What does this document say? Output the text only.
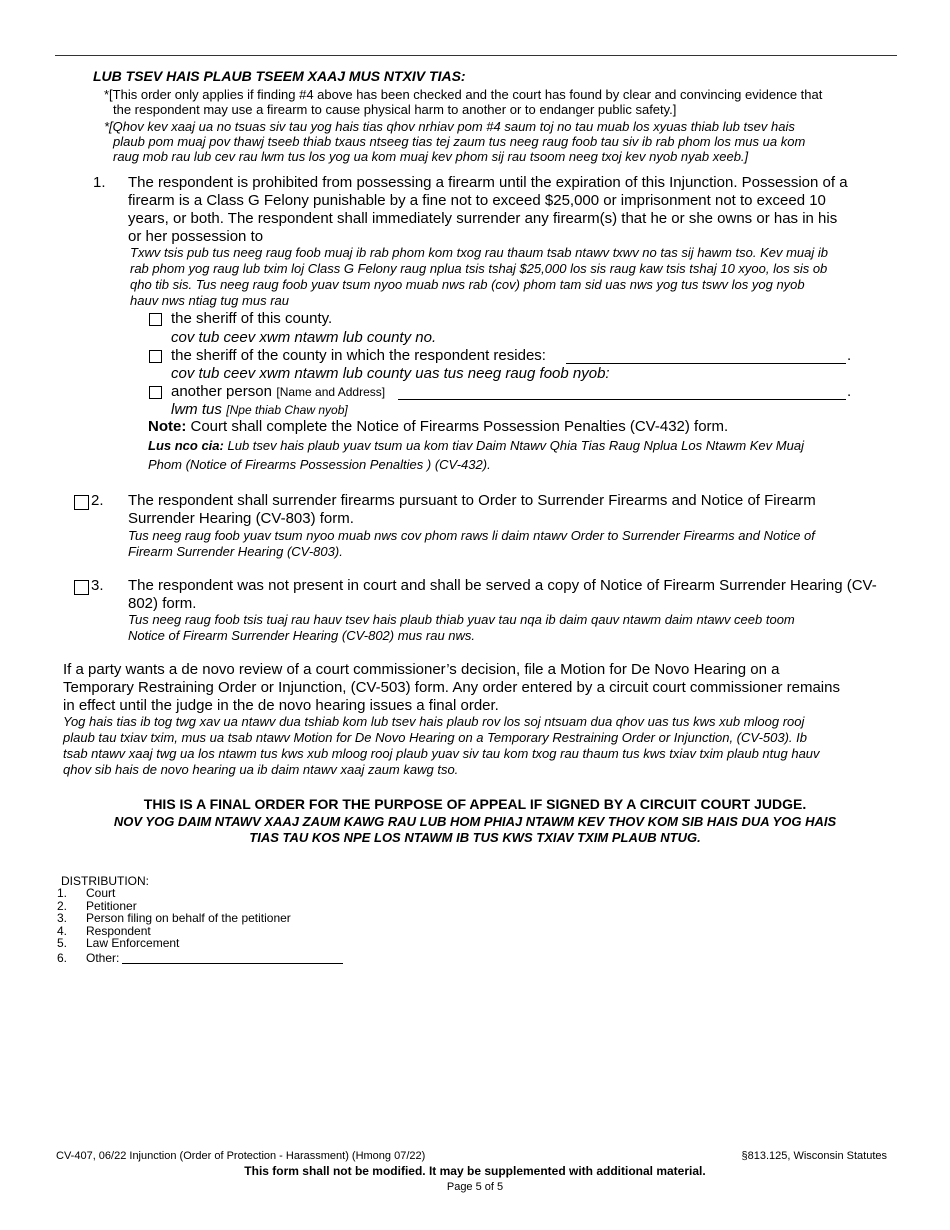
LUB TSEV HAIS PLAUB TSEEM XAAJ MUS NTXIV TIAS:
*[This order only applies if finding #4 above has been checked and the court has found by clear and convincing evidence that
the respondent may use a firearm to cause physical harm to another or to endanger public safety.]
*[Qhov kev xaaj ua no tsuas siv tau yog hais tias qhov nrhiav pom #4 saum toj no tau muab los xyuas thiab lub tsev hais
plaub pom muaj pov thawj tseeb thiab txaus ntseeg tias tej zaum tus neeg raug foob tau siv ib rab phom los mus ua kom
raug mob rau lub cev rau lwm tus los yog ua kom muaj kev phom sij rau tsoom neeg txoj kev nyob nyab xeeb.]
1. The respondent is prohibited from possessing a firearm until the expiration of this Injunction. Possession of a
firearm is a Class G Felony punishable by a fine not to exceed $25,000 or imprisonment not to exceed 10
years, or both. The respondent shall immediately surrender any firearm(s) that he or she owns or has in his
or her possession to
Txwv tsis pub tus neeg raug foob muaj ib rab phom kom txog rau thaum tsab ntawv txwv no tas sij hawm tso. Kev muaj ib
rab phom yog raug lub txim loj Class G Felony raug nplua tsis tshaj $25,000 los sis raug kaw tsis tshaj 10 xyoo, los sis ob
qho tib sis. Tus neeg raug foob yuav tsum nyoo muab nws rab (cov) phom tam sid uas nws yog tus tswv los yog nyob
hauv nws ntiag tug mus rau
the sheriff of this county.
cov tub ceev xwm ntawm lub county no.
the sheriff of the county in which the respondent resides:	.
cov tub ceev xwm ntawm lub county uas tus neeg raug foob nyob:
another person [Name and Address]	.
lwm tus [Npe thiab Chaw nyob]
Note: Court shall complete the Notice of Firearms Possession Penalties (CV-432) form.
Lus nco cia: Lub tsev hais plaub yuav tsum ua kom tiav Daim Ntawv Qhia Tias Raug Nplua Los Ntawm Kev Muaj
Phom (Notice of Firearms Possession Penalties ) (CV-432).
2. The respondent shall surrender firearms pursuant to Order to Surrender Firearms and Notice of Firearm
Surrender Hearing (CV-803) form.
Tus neeg raug foob yuav tsum nyoo muab nws cov phom raws li daim ntawv Order to Surrender Firearms and Notice of
Firearm Surrender Hearing (CV-803).
3. The respondent was not present in court and shall be served a copy of Notice of Firearm Surrender Hearing (CV-
802) form.
Tus neeg raug foob tsis tuaj rau hauv tsev hais plaub thiab yuav tau nqa ib daim qauv ntawm daim ntawv ceeb toom
Notice of Firearm Surrender Hearing (CV-802) mus rau nws.
If a party wants a de novo review of a court commissioner’s decision, file a Motion for De Novo Hearing on a
Temporary Restraining Order or Injunction, (CV-503) form. Any order entered by a circuit court commissioner remains
in effect until the judge in the de novo hearing issues a final order.
Yog hais tias ib tog twg xav ua ntawv dua tshiab kom lub tsev hais plaub rov los soj ntsuam dua qhov uas tus kws xub mloog rooj
plaub tau txiav txim, mus ua tsab ntawv Motion for De Novo Hearing on a Temporary Restraining Order or Injunction, (CV-503). Ib
tsab ntawv xaaj twg ua los ntawm tus kws xub mloog rooj plaub yuav siv tau kom txog rau thaum tus kws txiav txim plaub ntug hauv
qhov sib hais de novo hearing ua ib daim ntawv xaaj zaum kawg tso.
THIS IS A FINAL ORDER FOR THE PURPOSE OF APPEAL IF SIGNED BY A CIRCUIT COURT JUDGE.
NOV YOG DAIM NTAWV XAAJ ZAUM KAWG RAU LUB HOM PHIAJ NTAWM KEV THOV KOM SIB HAIS DUA YOG HAIS
TIAS TAU KOS NPE LOS NTAWM IB TUS KWS TXIAV TXIM PLAUB NTUG.
DISTRIBUTION:
1. Court
2. Petitioner
3. Person filing on behalf of the petitioner
4. Respondent
5. Law Enforcement
6. Other:
CV-407, 06/22 Injunction (Order of Protection - Harassment) (Hmong 07/22)	§813.125, Wisconsin Statutes
This form shall not be modified. It may be supplemented with additional material.
Page 5 of 5
